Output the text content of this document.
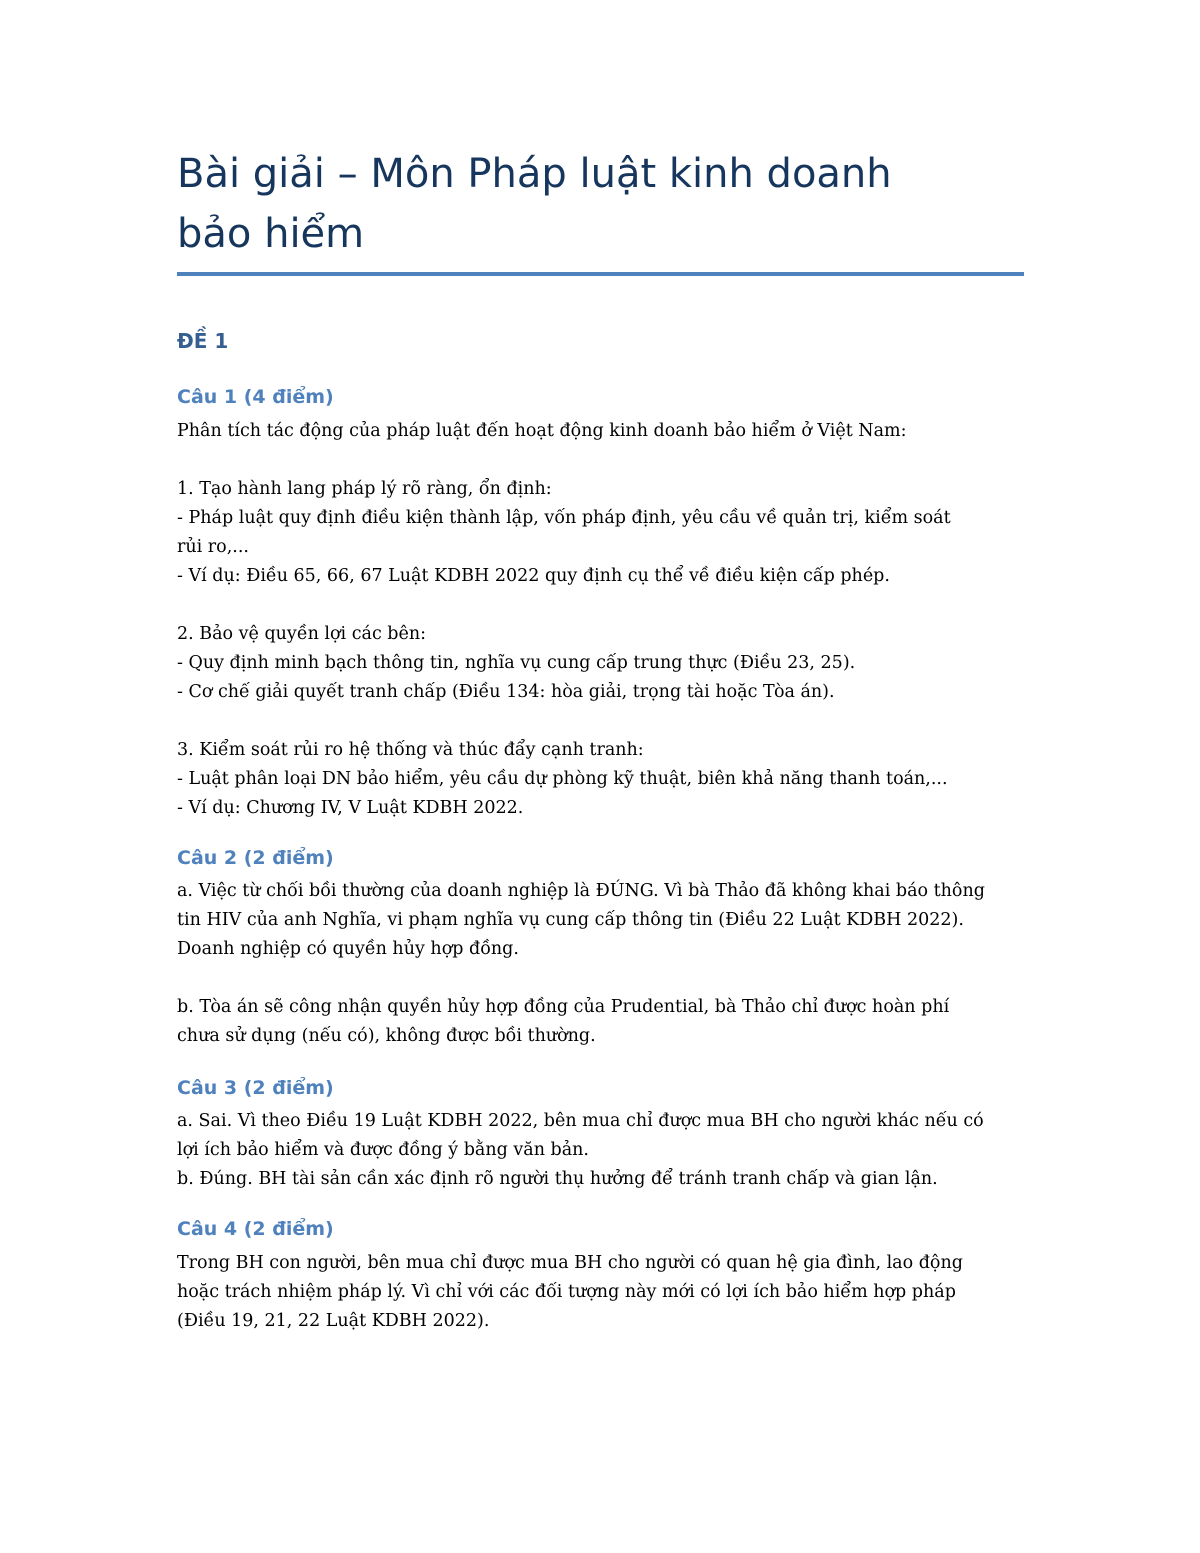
Bài giải – Môn Pháp luật kinh doanh
bảo hiểm
ĐỀ 1
Câu 1 (4 điểm)
Phân tích tác động của pháp luật đến hoạt động kinh doanh bảo hiểm ở Việt Nam:
1. Tạo hành lang pháp lý rõ ràng, ổn định:
- Pháp luật quy định điều kiện thành lập, vốn pháp định, yêu cầu về quản trị, kiểm soát
rủi ro,...
- Ví dụ: Điều 65, 66, 67 Luật KDBH 2022 quy định cụ thể về điều kiện cấp phép.
2. Bảo vệ quyền lợi các bên:
- Quy định minh bạch thông tin, nghĩa vụ cung cấp trung thực (Điều 23, 25).
- Cơ chế giải quyết tranh chấp (Điều 134: hòa giải, trọng tài hoặc Tòa án).
3. Kiểm soát rủi ro hệ thống và thúc đẩy cạnh tranh:
- Luật phân loại DN bảo hiểm, yêu cầu dự phòng kỹ thuật, biên khả năng thanh toán,...
- Ví dụ: Chương IV, V Luật KDBH 2022.
Câu 2 (2 điểm)
a. Việc từ chối bồi thường của doanh nghiệp là ĐÚNG. Vì bà Thảo đã không khai báo thông
tin HIV của anh Nghĩa, vi phạm nghĩa vụ cung cấp thông tin (Điều 22 Luật KDBH 2022).
Doanh nghiệp có quyền hủy hợp đồng.
b. Tòa án sẽ công nhận quyền hủy hợp đồng của Prudential, bà Thảo chỉ được hoàn phí
chưa sử dụng (nếu có), không được bồi thường.
Câu 3 (2 điểm)
a. Sai. Vì theo Điều 19 Luật KDBH 2022, bên mua chỉ được mua BH cho người khác nếu có
lợi ích bảo hiểm và được đồng ý bằng văn bản.
b. Đúng. BH tài sản cần xác định rõ người thụ hưởng để tránh tranh chấp và gian lận.
Câu 4 (2 điểm)
Trong BH con người, bên mua chỉ được mua BH cho người có quan hệ gia đình, lao động
hoặc trách nhiệm pháp lý. Vì chỉ với các đối tượng này mới có lợi ích bảo hiểm hợp pháp
(Điều 19, 21, 22 Luật KDBH 2022).
